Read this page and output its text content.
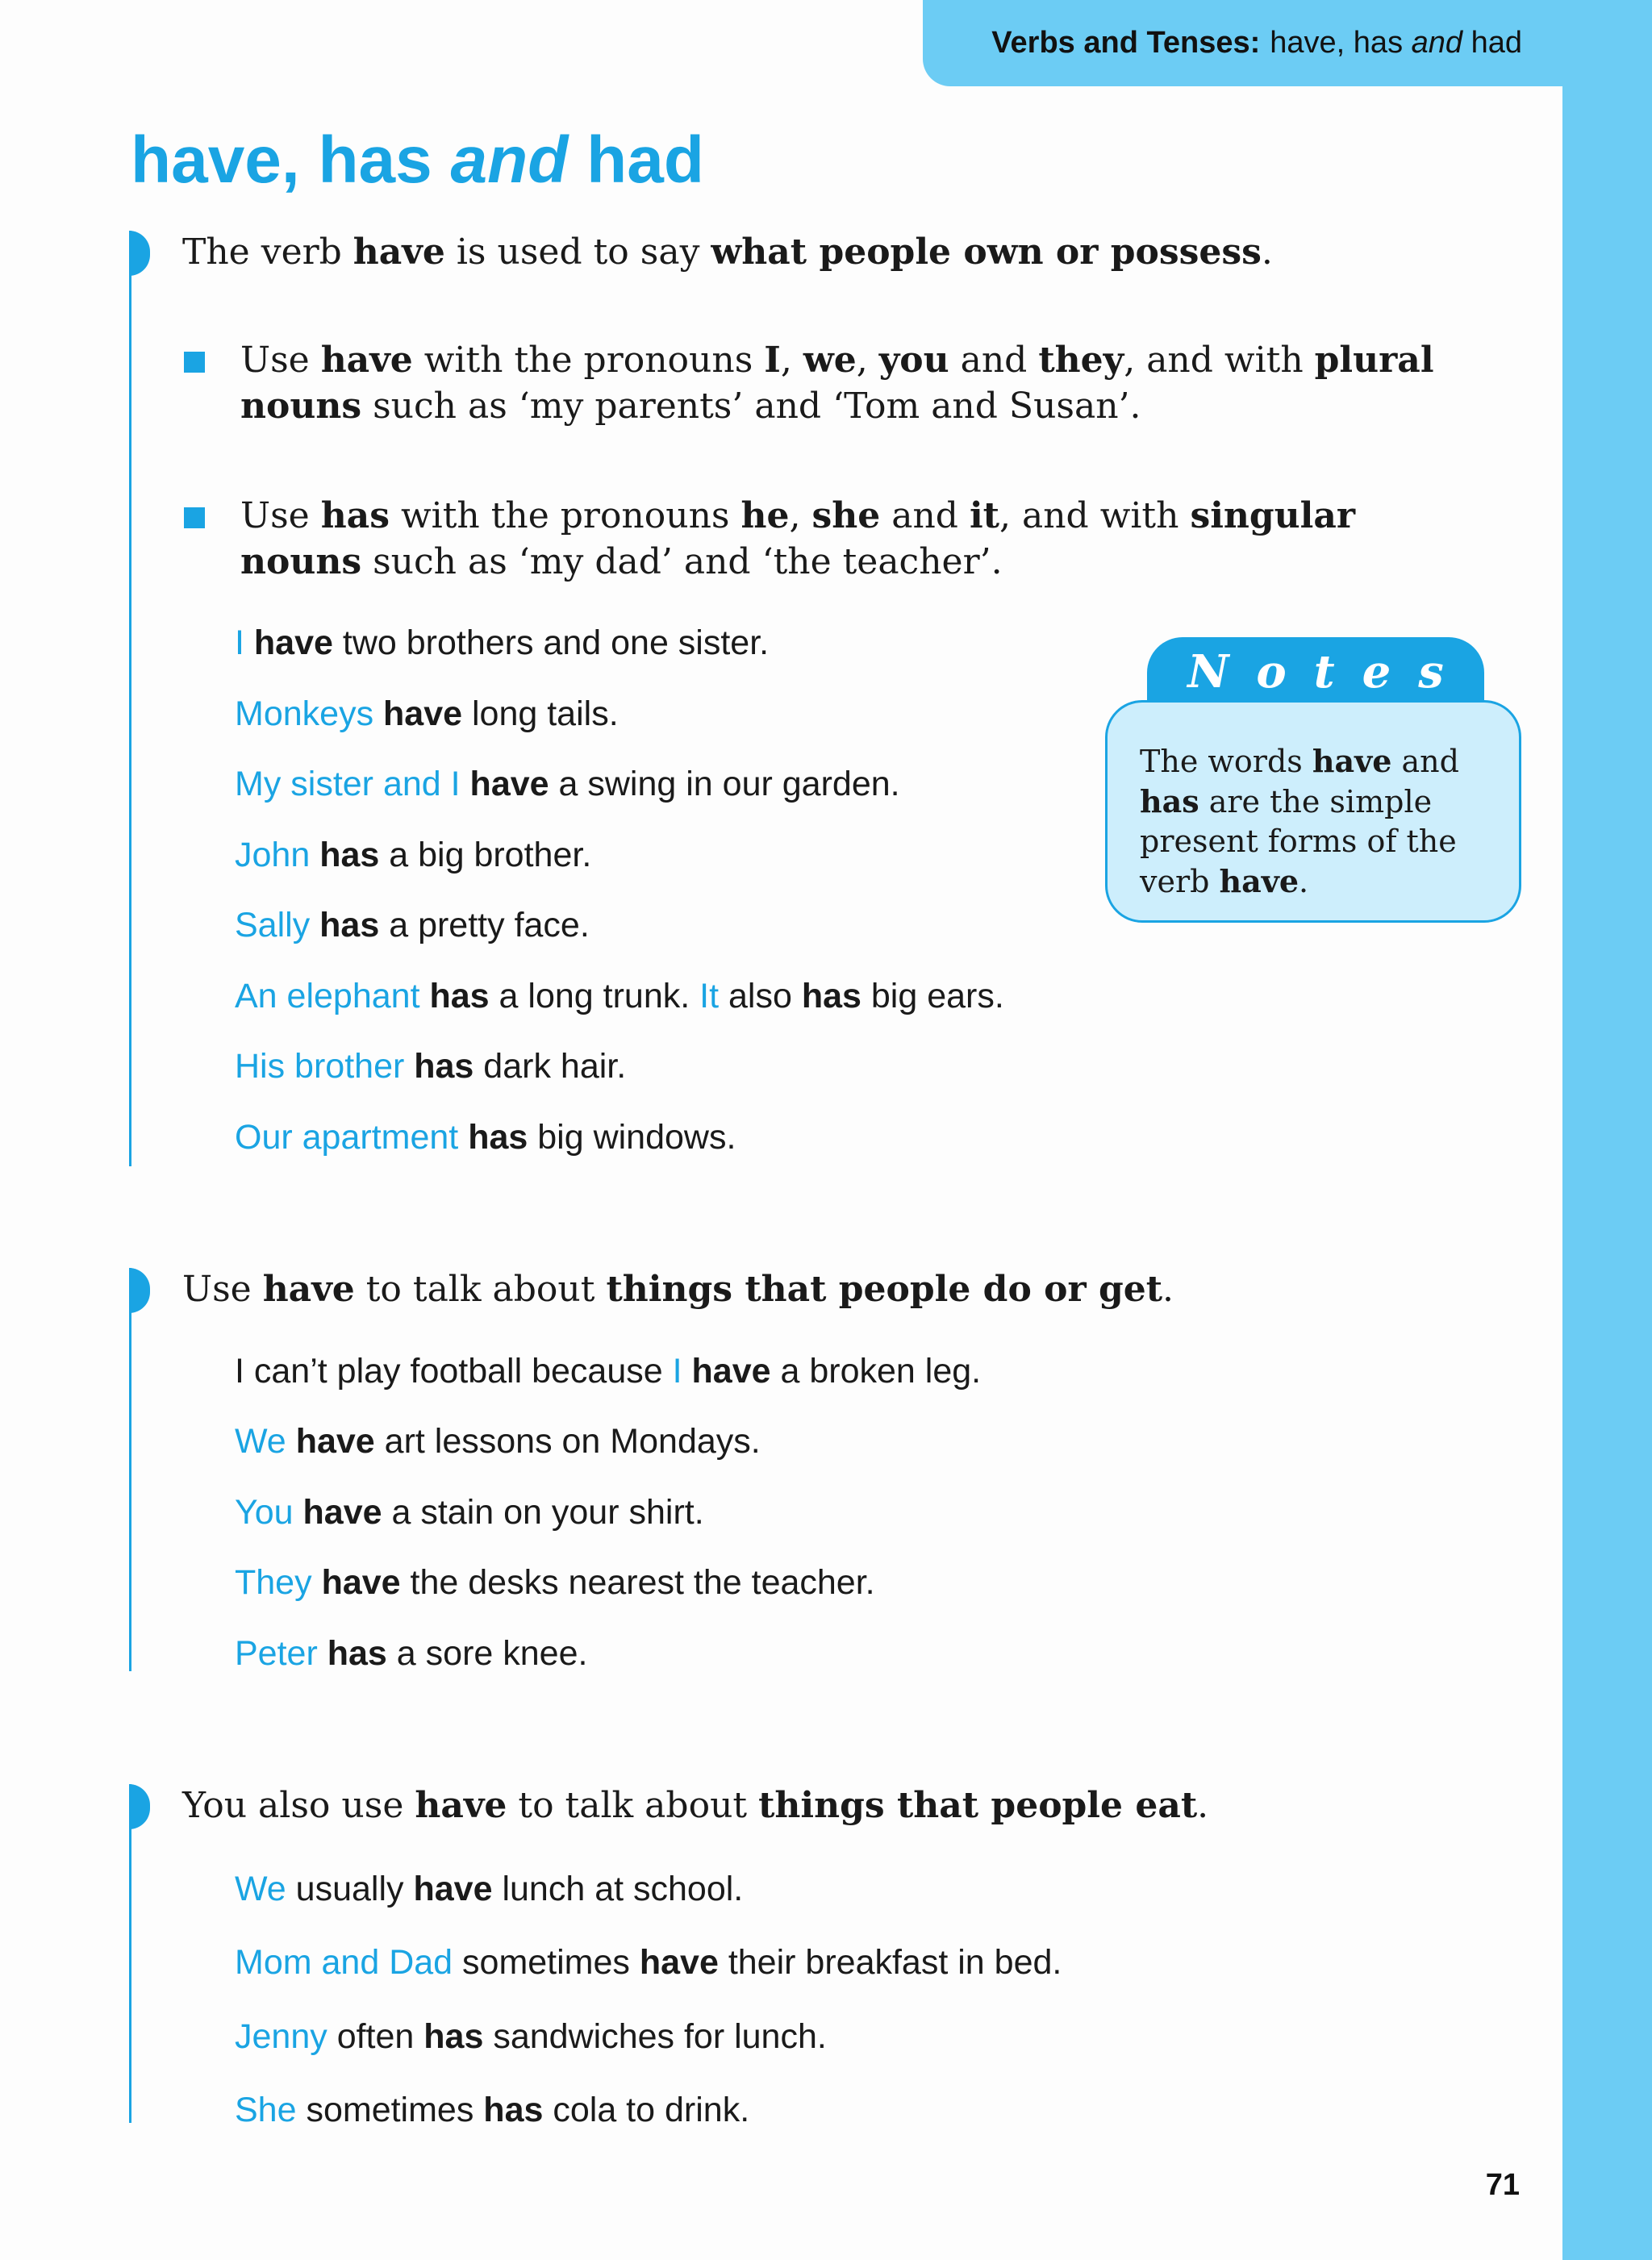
Verbs and Tenses: have, has and had
have, has and had

The verb have is used to say what people own or possess.

Use have with the pronouns I, we, you and they, and with plural nouns such as ‘my parents’ and ‘Tom and Susan’.

Use has with the pronouns he, she and it, and with singular nouns such as ‘my dad’ and ‘the teacher’.

I have two brothers and one sister.

Monkeys have long tails.

My sister and I have a swing in our garden.

John has a big brother.

Sally has a pretty face.

An elephant has a long trunk. It also has big ears.

His brother has dark hair.

Our apartment has big windows.

Notes
The words have and has are the simple present forms of the verb have.

Use have to talk about things that people do or get.

I can’t play football because I have a broken leg.

We have art lessons on Mondays.

You have a stain on your shirt.

They have the desks nearest the teacher.

Peter has a sore knee.

You also use have to talk about things that people eat.

We usually have lunch at school.

Mom and Dad sometimes have their breakfast in bed.

Jenny often has sandwiches for lunch.

She sometimes has cola to drink.

71
